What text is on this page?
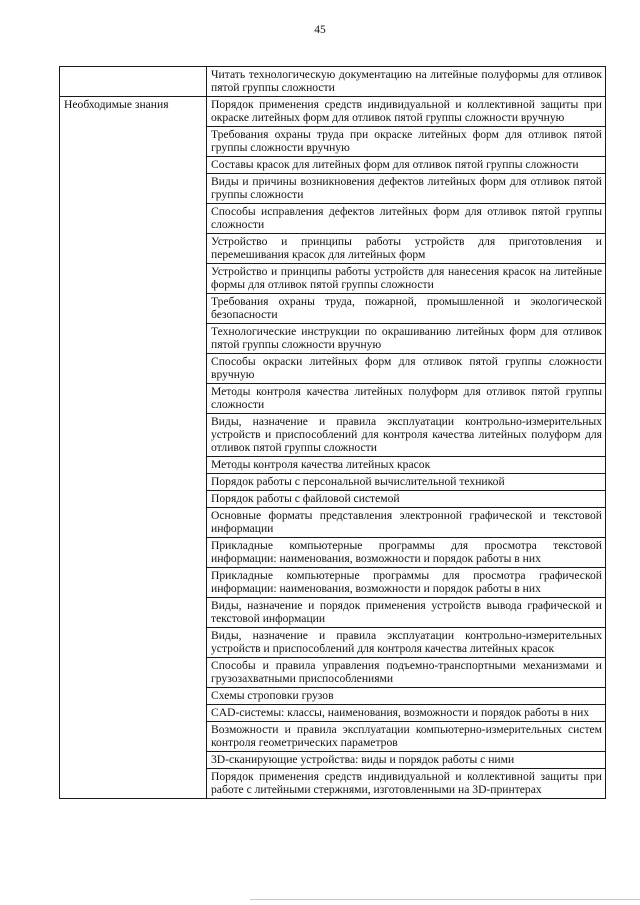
45
	Читать технологическую документацию на литейные полуформы для отливок пятой группы сложности
Необходимые знания	Порядок применения средств индивидуальной и коллективной защиты при окраске литейных форм для отливок пятой группы сложности вручную
	Требования охраны труда при окраске литейных форм для отливок пятой группы сложности вручную
	Составы красок для литейных форм для отливок пятой группы сложности
	Виды и причины возникновения дефектов литейных форм для отливок пятой группы сложности
	Способы исправления дефектов литейных форм для отливок пятой группы сложности
	Устройство и принципы работы устройств для приготовления и перемешивания красок для литейных форм
	Устройство и принципы работы устройств для нанесения красок на литейные формы для отливок пятой группы сложности
	Требования охраны труда, пожарной, промышленной и экологической безопасности
	Технологические инструкции по окрашиванию литейных форм для отливок пятой группы сложности вручную
	Способы окраски литейных форм для отливок пятой группы сложности вручную
	Методы контроля качества литейных полуформ для отливок пятой группы сложности
	Виды, назначение и правила эксплуатации контрольно-измерительных устройств и приспособлений для контроля качества литейных полуформ для отливок пятой группы сложности
	Методы контроля качества литейных красок
	Порядок работы с персональной вычислительной техникой
	Порядок работы с файловой системой
	Основные форматы представления электронной графической и текстовой информации
	Прикладные компьютерные программы для просмотра текстовой информации: наименования, возможности и порядок работы в них
	Прикладные компьютерные программы для просмотра графической информации: наименования, возможности и порядок работы в них
	Виды, назначение и порядок применения устройств вывода графической и текстовой информации
	Виды, назначение и правила эксплуатации контрольно-измерительных устройств и приспособлений для контроля качества литейных красок
	Способы и правила управления подъемно-транспортными механизмами и грузозахватными приспособлениями
	Схемы строповки грузов
	CAD-системы: классы, наименования, возможности и порядок работы в них
	Возможности и правила эксплуатации компьютерно-измерительных систем контроля геометрических параметров
	3D-сканирующие устройства: виды и порядок работы с ними
	Порядок применения средств индивидуальной и коллективной защиты при работе с литейными стержнями, изготовленными на 3D-принтерах
